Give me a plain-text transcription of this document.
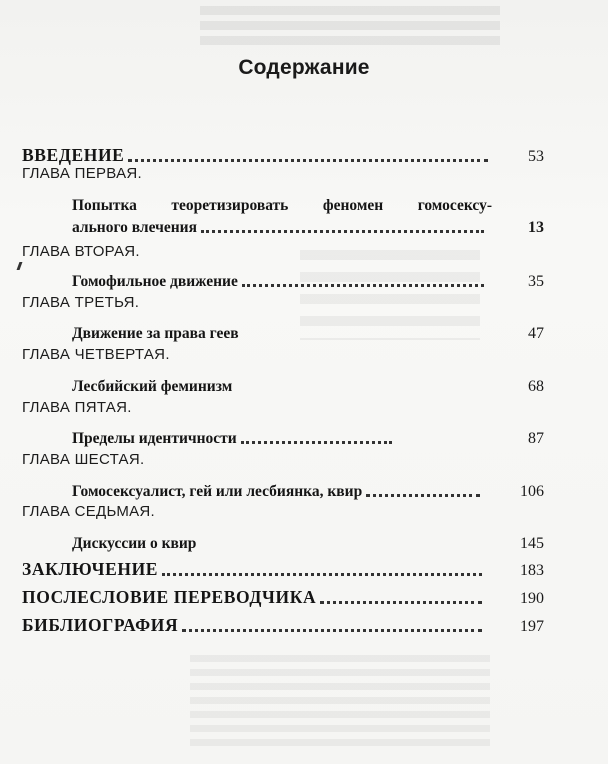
Содержание
ВВЕДЕНИЕ	53
ГЛАВА ПЕРВАЯ.
Попытка теоретизировать феномен гомосексу-
ального влечения	13
ГЛАВА ВТОРАЯ.
Гомофильное движение	35
ГЛАВА ТРЕТЬЯ.
Движение за права геев	47
ГЛАВА ЧЕТВЕРТАЯ.
Лесбийский феминизм	68
ГЛАВА ПЯТАЯ.
Пределы идентичности	87
ГЛАВА ШЕСТАЯ.
Гомосексуалист, гей или лесбиянка, квир	106
ГЛАВА СЕДЬМАЯ.
Дискуссии о квир	145
ЗАКЛЮЧЕНИЕ	183
ПОСЛЕСЛОВИЕ ПЕРЕВОДЧИКА	190
БИБЛИОГРАФИЯ	197
